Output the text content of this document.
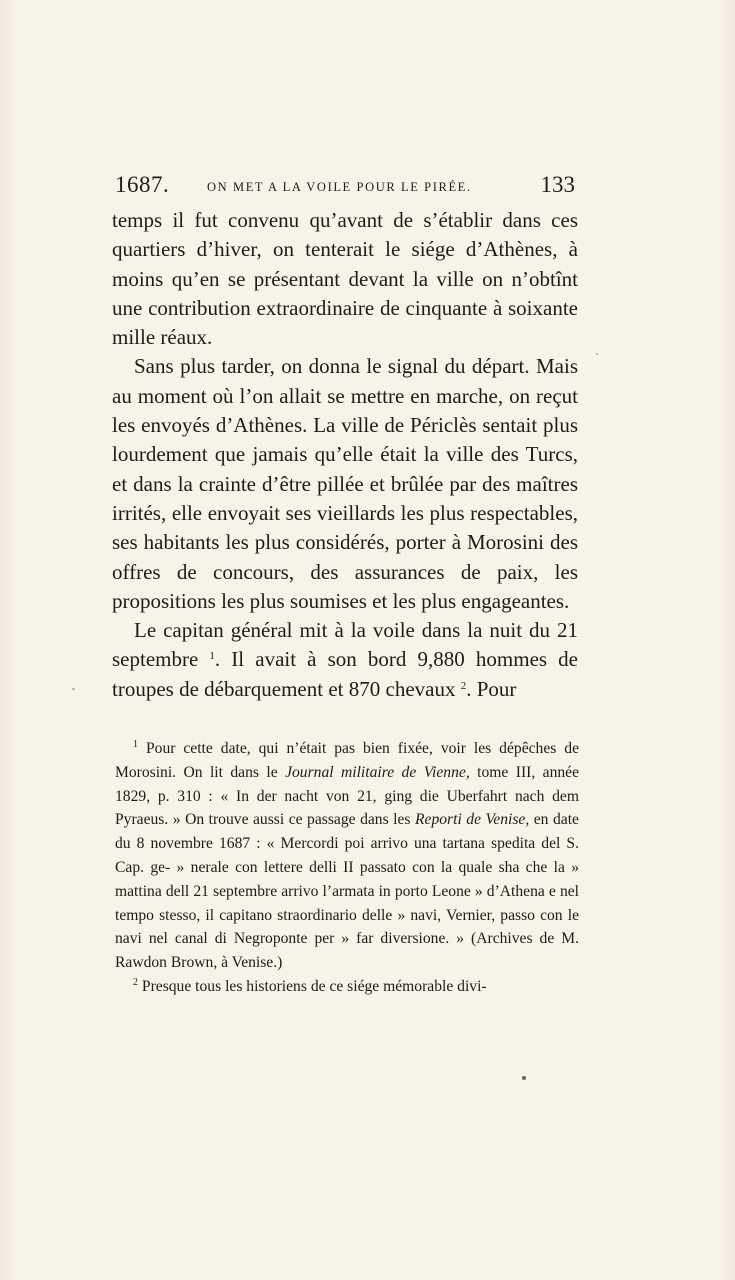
1687.	ON MET A LA VOILE POUR LE PIRÉE.	133

temps il fut convenu qu’avant de s’établir dans ces quartiers d’hiver, on tenterait le siége d’Athènes, à moins qu’en se présentant devant la ville on n’obtînt une contribution extraordinaire de cinquante à soixante mille réaux.

Sans plus tarder, on donna le signal du départ. Mais au moment où l’on allait se mettre en marche, on reçut les envoyés d’Athènes. La ville de Périclès sentait plus lourdement que jamais qu’elle était la ville des Turcs, et dans la crainte d’être pillée et brûlée par des maîtres irrités, elle envoyait ses vieillards les plus respectables, ses habitants les plus considérés, porter à Morosini des offres de concours, des assurances de paix, les propositions les plus soumises et les plus engageantes.

Le capitan général mit à la voile dans la nuit du 21 septembre $^1$. Il avait à son bord 9,880 hommes de troupes de débarquement et 870 chevaux $^2$. Pour

$^1$ Pour cette date, qui n’était pas bien fixée, voir les dépêches de Morosini. On lit dans le Journal militaire de Vienne, tome III, année 1829, p. 310 : « In der nacht von 21, ging die Uberfahrt nach dem Pyraeus. » On trouve aussi ce passage dans les Reporti de Venise, en date du 8 novembre 1687 : « Mercordi poi arrivo una tartana spedita del S. Cap. ge- » nerale con lettere delli II passato con la quale sha che la » mattina dell 21 septembre arrivo l’armata in porto Leone » d’Athena e nel tempo stesso, il capitano straordinario delle » navi, Vernier, passo con le navi nel canal di Negroponte per » far diversione. » (Archives de M. Rawdon Brown, à Venise.)

$^2$ Presque tous les historiens de ce siége mémorable divi-
